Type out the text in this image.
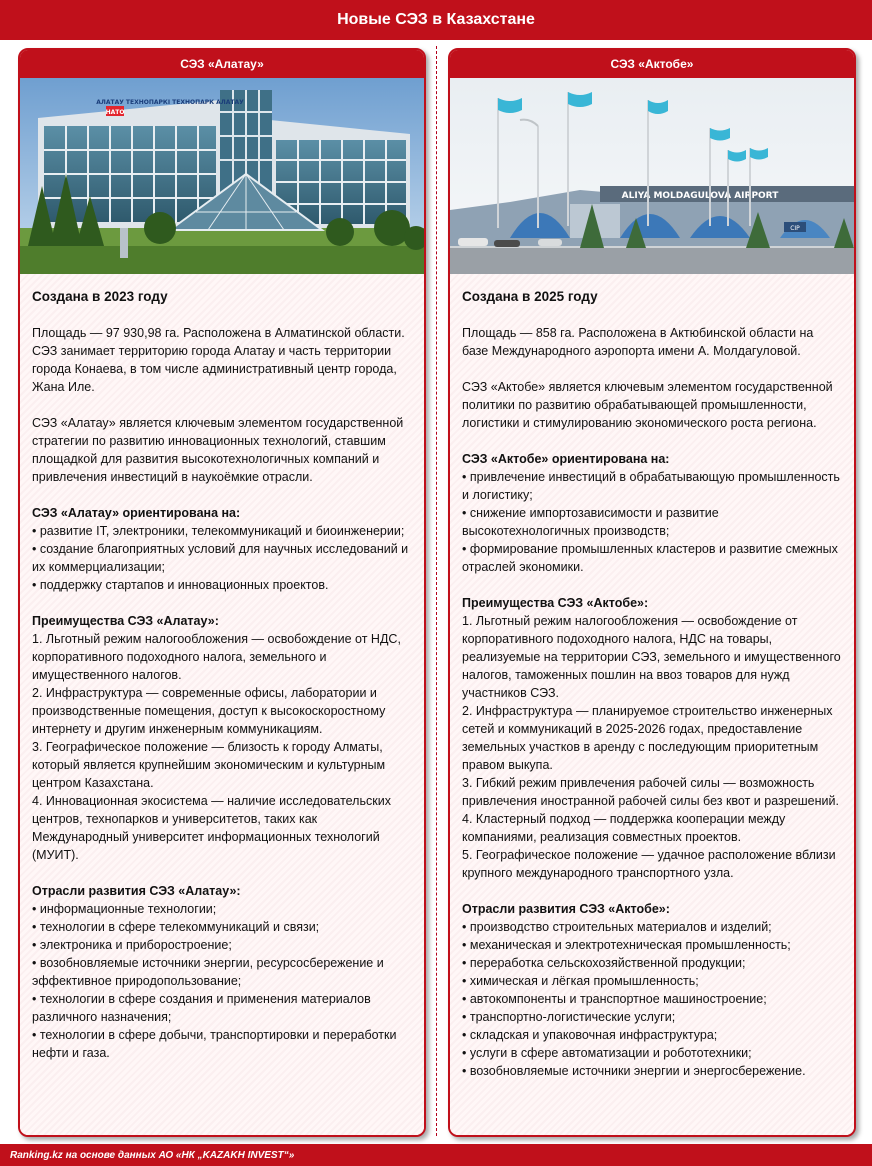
Новые СЭЗ в Казахстане
СЭЗ «Алатау»
НАТО
АЛАТАУ ТЕХНОПАРКІ ТЕХНОПАРК АЛАТАУ

Создана в 2023 году

Площадь — 97 930,98 га. Расположена в Алматинской области. СЭЗ занимает территорию города Алатау и часть территории города Конаева, в том числе административный центр города, Жана Иле.

СЭЗ «Алатау» является ключевым элементом государственной стратегии по развитию инновационных технологий, ставшим площадкой для развития высокотехнологичных компаний и привлечения инвестиций в наукоёмкие отрасли.

СЭЗ «Алатау» ориентирована на:

• развитие IT, электроники, телекоммуникаций и биоинженерии;

• создание благоприятных условий для научных исследований и их коммерциализации;

• поддержку стартапов и инновационных проектов.

Преимущества СЭЗ «Алатау»:

1. Льготный режим налогообложения — освобождение от НДС, корпоративного подоходного налога, земельного и имущественного налогов.

2. Инфраструктура — современные офисы, лаборатории и производственные помещения, доступ к высокоскоростному интернету и другим инженерным коммуникациям.

3. Географическое положение — близость к городу Алматы, который является крупнейшим экономическим и культурным центром Казахстана.

4. Инновационная экосистема — наличие исследовательских центров, технопарков и университетов, таких как Международный университет информационных технологий (МУИТ).

Отрасли развития СЭЗ «Алатау»:

• информационные технологии;

• технологии в сфере телекоммуникаций и связи;

• электроника и приборостроение;

• возобновляемые источники энергии, ресурсосбережение и эффективное природопользование;

• технологии в сфере создания и применения материалов различного назначения;

• технологии в сфере добычи, транспортировки и переработки нефти и газа.

СЭЗ «Актобе»
ALIYA MOLDAGULOVA AIRPORT
CIP

Создана в 2025 году

Площадь — 858 га. Расположена в Актюбинской области на базе Международного аэропорта имени А. Молдагуловой.

СЭЗ «Актобе» является ключевым элементом государственной политики по развитию обрабатывающей промышленности, логистики и стимулированию экономического роста региона.

СЭЗ «Актобе» ориентирована на:

• привлечение инвестиций в обрабатывающую промышленность и логистику;

• снижение импортозависимости и развитие высокотехнологичных производств;

• формирование промышленных кластеров и развитие смежных отраслей экономики.

Преимущества СЭЗ «Актобе»:

1. Льготный режим налогообложения — освобождение от корпоративного подоходного налога, НДС на товары, реализуемые на территории СЭЗ, земельного и имущественного налогов, таможенных пошлин на ввоз товаров для нужд участников СЭЗ.

2. Инфраструктура — планируемое строительство инженерных сетей и коммуникаций в 2025-2026 годах, предоставление земельных участков в аренду с последующим приоритетным правом выкупа.

3. Гибкий режим привлечения рабочей силы — возможность привлечения иностранной рабочей силы без квот и разрешений.

4. Кластерный подход — поддержка кооперации между компаниями, реализация совместных проектов.

5. Географическое положение — удачное расположение вблизи крупного международного транспортного узла.

Отрасли развития СЭЗ «Актобе»:

• производство строительных материалов и изделий;

• механическая и электротехническая промышленность;

• переработка сельскохозяйственной продукции;

• химическая и лёгкая промышленность;

• автокомпоненты и транспортное машиностроение;

• транспортно-логистические услуги;

• складская и упаковочная инфраструктура;

• услуги в сфере автоматизации и робототехники;

• возобновляемые источники энергии и энергосбережение.

Ranking.kz на основе данных АО «НК „KAZAKH INVEST“»
